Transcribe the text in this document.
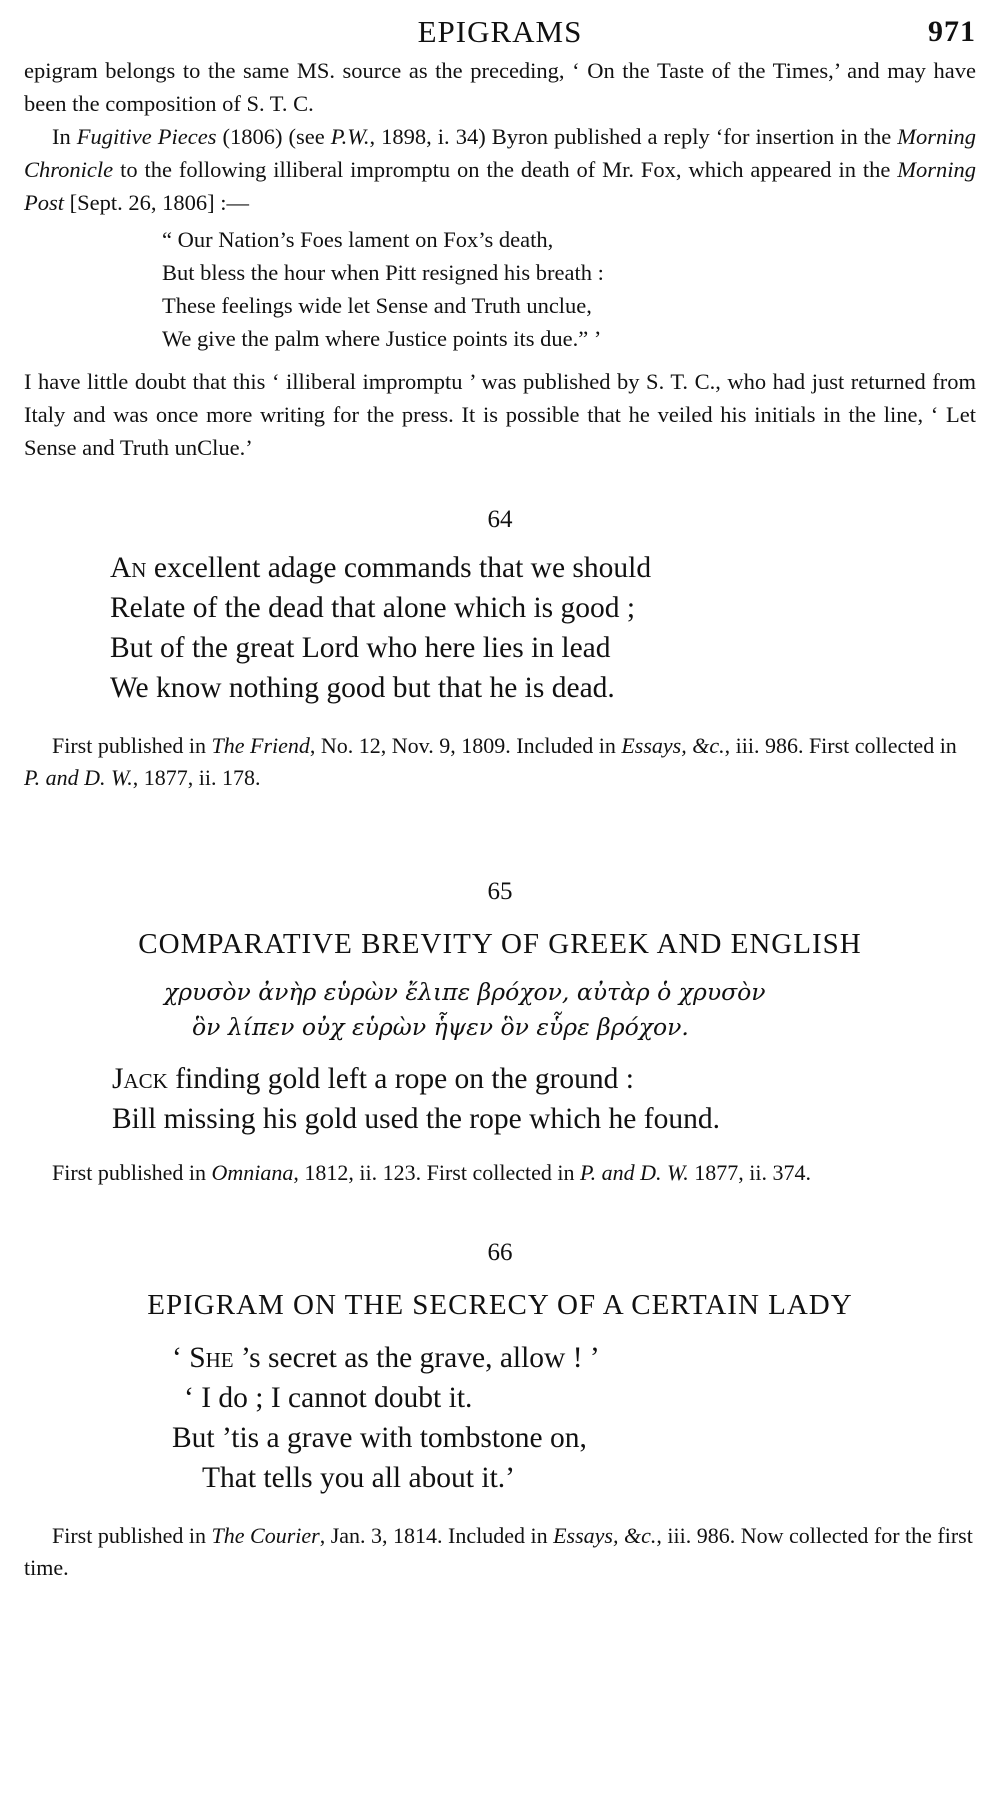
EPIGRAMS	971

epigram belongs to the same MS. source as the preceding, ‘ On the Taste of the Times,’ and may have been the composition of S. T. C.

In Fugitive Pieces (1806) (see P.W., 1898, i. 34) Byron published a reply ‘for insertion in the Morning Chronicle to the following illiberal impromptu on the death of Mr. Fox, which appeared in the Morning Post [Sept. 26, 1806] :—

“ Our Nation’s Foes lament on Fox’s death,
But bless the hour when Pitt resigned his breath :
These feelings wide let Sense and Truth unclue,
We give the palm where Justice points its due.” ’

I have little doubt that this ‘ illiberal impromptu ’ was published by S. T. C., who had just returned from Italy and was once more writing for the press. It is possible that he veiled his initials in the line, ‘ Let Sense and Truth unClue.’

64

An excellent adage commands that we should
Relate of the dead that alone which is good ;
But of the great Lord who here lies in lead
We know nothing good but that he is dead.

First published in The Friend, No. 12, Nov. 9, 1809. Included in Essays, &c., iii. 986. First collected in P. and D. W., 1877, ii. 178.

65

COMPARATIVE BREVITY OF GREEK AND ENGLISH

χρυσὸν ἀνὴρ εὑρὼν ἔλιπε βρόχον, αὐτὰρ ὁ χρυσὸν
ὃν λίπεν οὐχ εὑρὼν ἧψεν ὃν εὗρε βρόχον.
Jack finding gold left a rope on the ground :
Bill missing his gold used the rope which he found.

First published in Omniana, 1812, ii. 123. First collected in P. and D. W. 1877, ii. 374.

66

EPIGRAM ON THE SECRECY OF A CERTAIN LADY

‘ She ’s secret as the grave, allow ! ’
‘ I do ; I cannot doubt it.
But ’tis a grave with tombstone on,
That tells you all about it.’

First published in The Courier, Jan. 3, 1814. Included in Essays, &c., iii. 986. Now collected for the first time.
